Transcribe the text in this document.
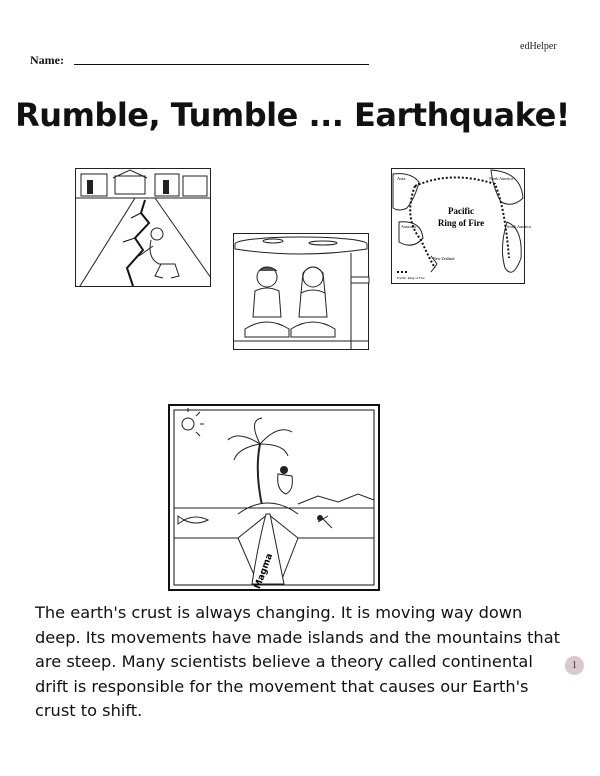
edHelper
Name:
Rumble, Tumble ... Earthquake!
Asia	North America
South America
Australia
New Zealand
Pacific
Ring of Fire
Pacific Ring of Fire
Magma

The earth's crust is always changing. It is moving way down deep. Its movements have made islands and the mountains that are steep. Many scientists believe a theory called continental drift is responsible for the movement that causes our Earth's crust to shift.

1
